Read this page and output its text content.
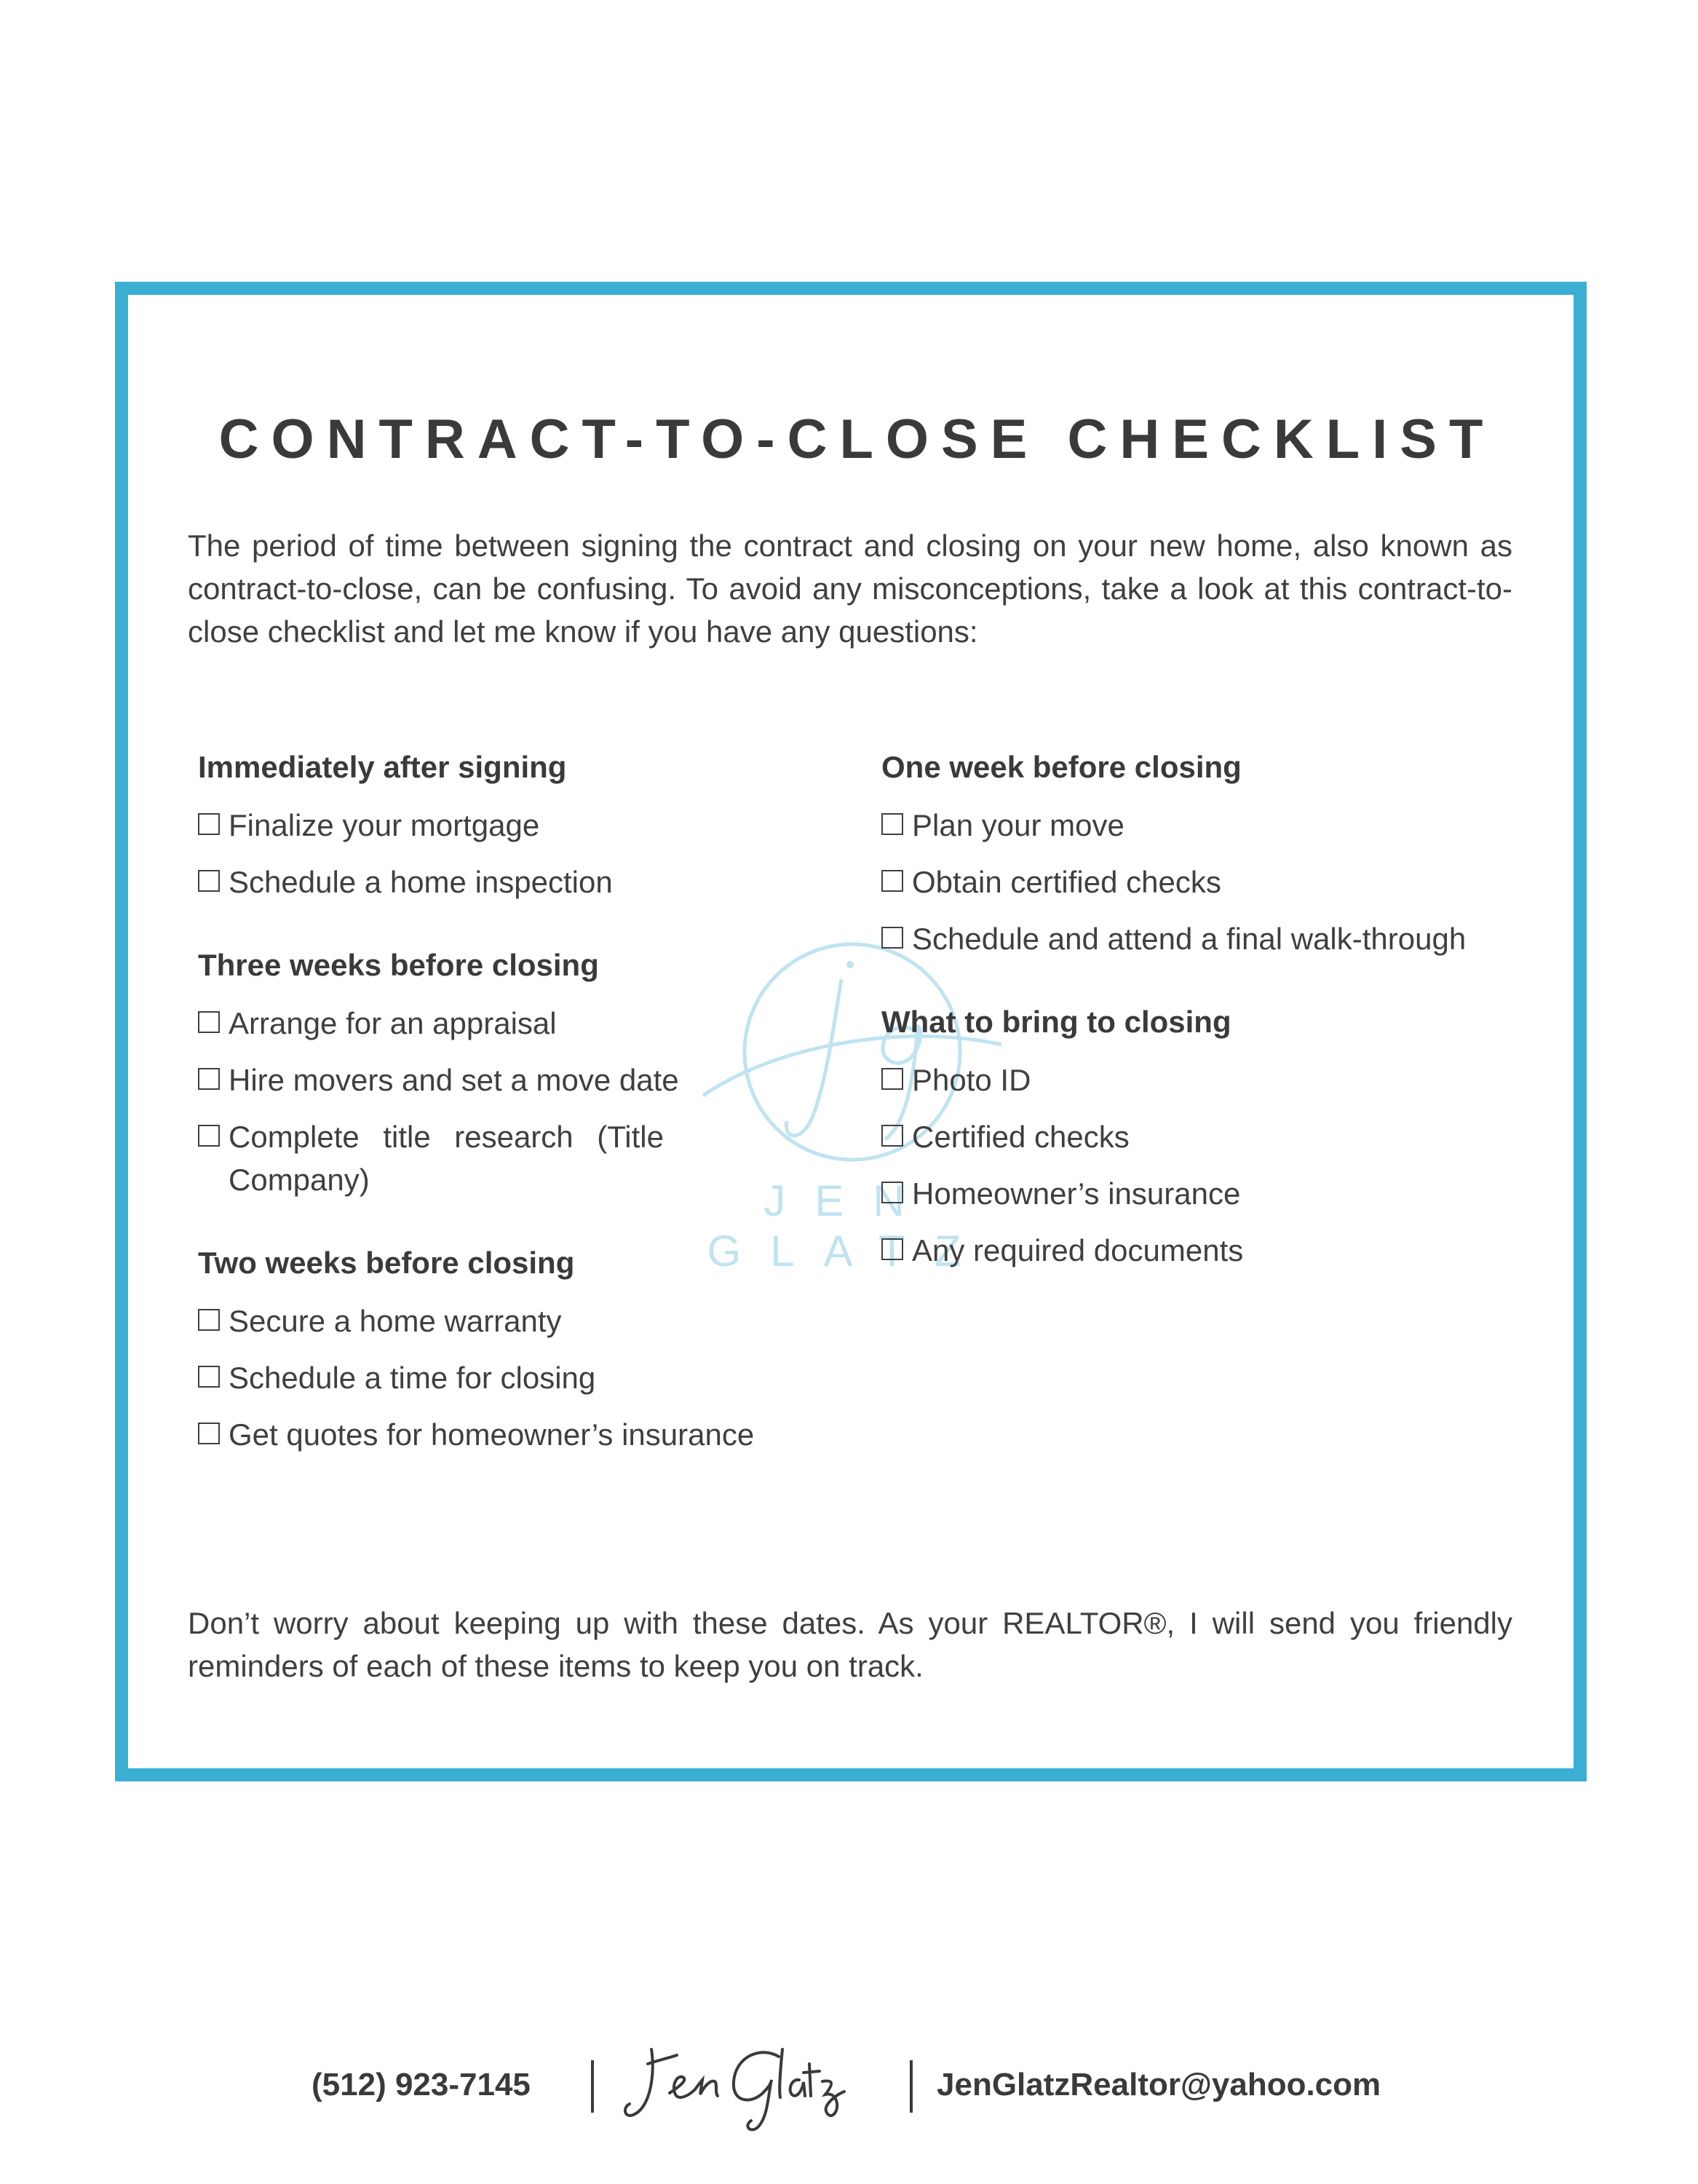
CONTRACT-TO-CLOSE CHECKLIST

The period of time between signing the contract and closing on your new home, also known as contract-to-close, can be confusing. To avoid any misconceptions, take a look at this contract-to-close checklist and let me know if you have any questions:

JEN GLATZ
Immediately after signing
Finalize your mortgage
Schedule a home inspection
Three weeks before closing
Arrange for an appraisal
Hire movers and set a move date
Complete title research (Title Company)
Two weeks before closing
Secure a home warranty
Schedule a time for closing
Get quotes for homeowner’s insurance
One week before closing
Plan your move
Obtain certified checks
Schedule and attend a final walk-through
What to bring to closing
Photo ID
Certified checks
Homeowner’s insurance
Any required documents

Don’t worry about keeping up with these dates. As your REALTOR®, I will send you friendly reminders of each of these items to keep you on track.

(512) 923-7145	JenGlatzRealtor@yahoo.com
